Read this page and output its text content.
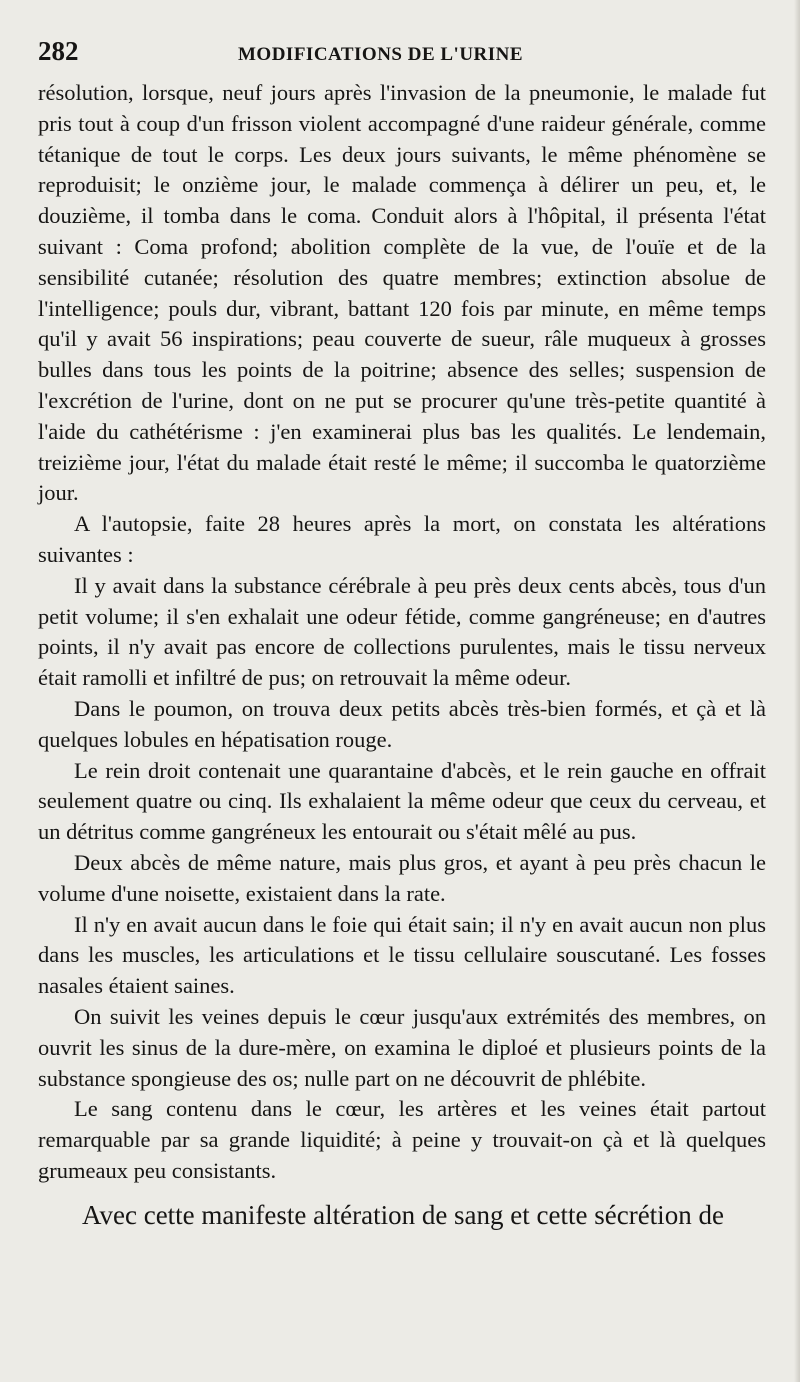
282	MODIFICATIONS DE L'URINE

résolution, lorsque, neuf jours après l'invasion de la pneumonie, le malade fut pris tout à coup d'un frisson violent accompagné d'une raideur générale, comme tétanique de tout le corps. Les deux jours suivants, le même phénomène se reproduisit; le onzième jour, le malade commença à délirer un peu, et, le douzième, il tomba dans le coma. Conduit alors à l'hôpital, il présenta l'état suivant : Coma profond; abolition complète de la vue, de l'ouïe et de la sensibilité cutanée; résolution des quatre membres; extinction absolue de l'intelligence; pouls dur, vibrant, battant 120 fois par minute, en même temps qu'il y avait 56 inspirations; peau couverte de sueur, râle muqueux à grosses bulles dans tous les points de la poitrine; absence des selles; suspension de l'excrétion de l'urine, dont on ne put se procurer qu'une très-petite quantité à l'aide du cathétérisme : j'en examinerai plus bas les qualités. Le lendemain, treizième jour, l'état du malade était resté le même; il succomba le quatorzième jour.

A l'autopsie, faite 28 heures après la mort, on constata les altérations suivantes :

Il y avait dans la substance cérébrale à peu près deux cents abcès, tous d'un petit volume; il s'en exhalait une odeur fétide, comme gangréneuse; en d'autres points, il n'y avait pas encore de collections purulentes, mais le tissu nerveux était ramolli et infiltré de pus; on retrouvait la même odeur.

Dans le poumon, on trouva deux petits abcès très-bien formés, et çà et là quelques lobules en hépatisation rouge.

Le rein droit contenait une quarantaine d'abcès, et le rein gauche en offrait seulement quatre ou cinq. Ils exhalaient la même odeur que ceux du cerveau, et un détritus comme gangréneux les entourait ou s'était mêlé au pus.

Deux abcès de même nature, mais plus gros, et ayant à peu près chacun le volume d'une noisette, existaient dans la rate.

Il n'y en avait aucun dans le foie qui était sain; il n'y en avait aucun non plus dans les muscles, les articulations et le tissu cellulaire souscutané. Les fosses nasales étaient saines.

On suivit les veines depuis le cœur jusqu'aux extrémités des membres, on ouvrit les sinus de la dure-mère, on examina le diploé et plusieurs points de la substance spongieuse des os; nulle part on ne découvrit de phlébite.

Le sang contenu dans le cœur, les artères et les veines était partout remarquable par sa grande liquidité; à peine y trouvait-on çà et là quelques grumeaux peu consistants.

Avec cette manifeste altération de sang et cette sécrétion de
